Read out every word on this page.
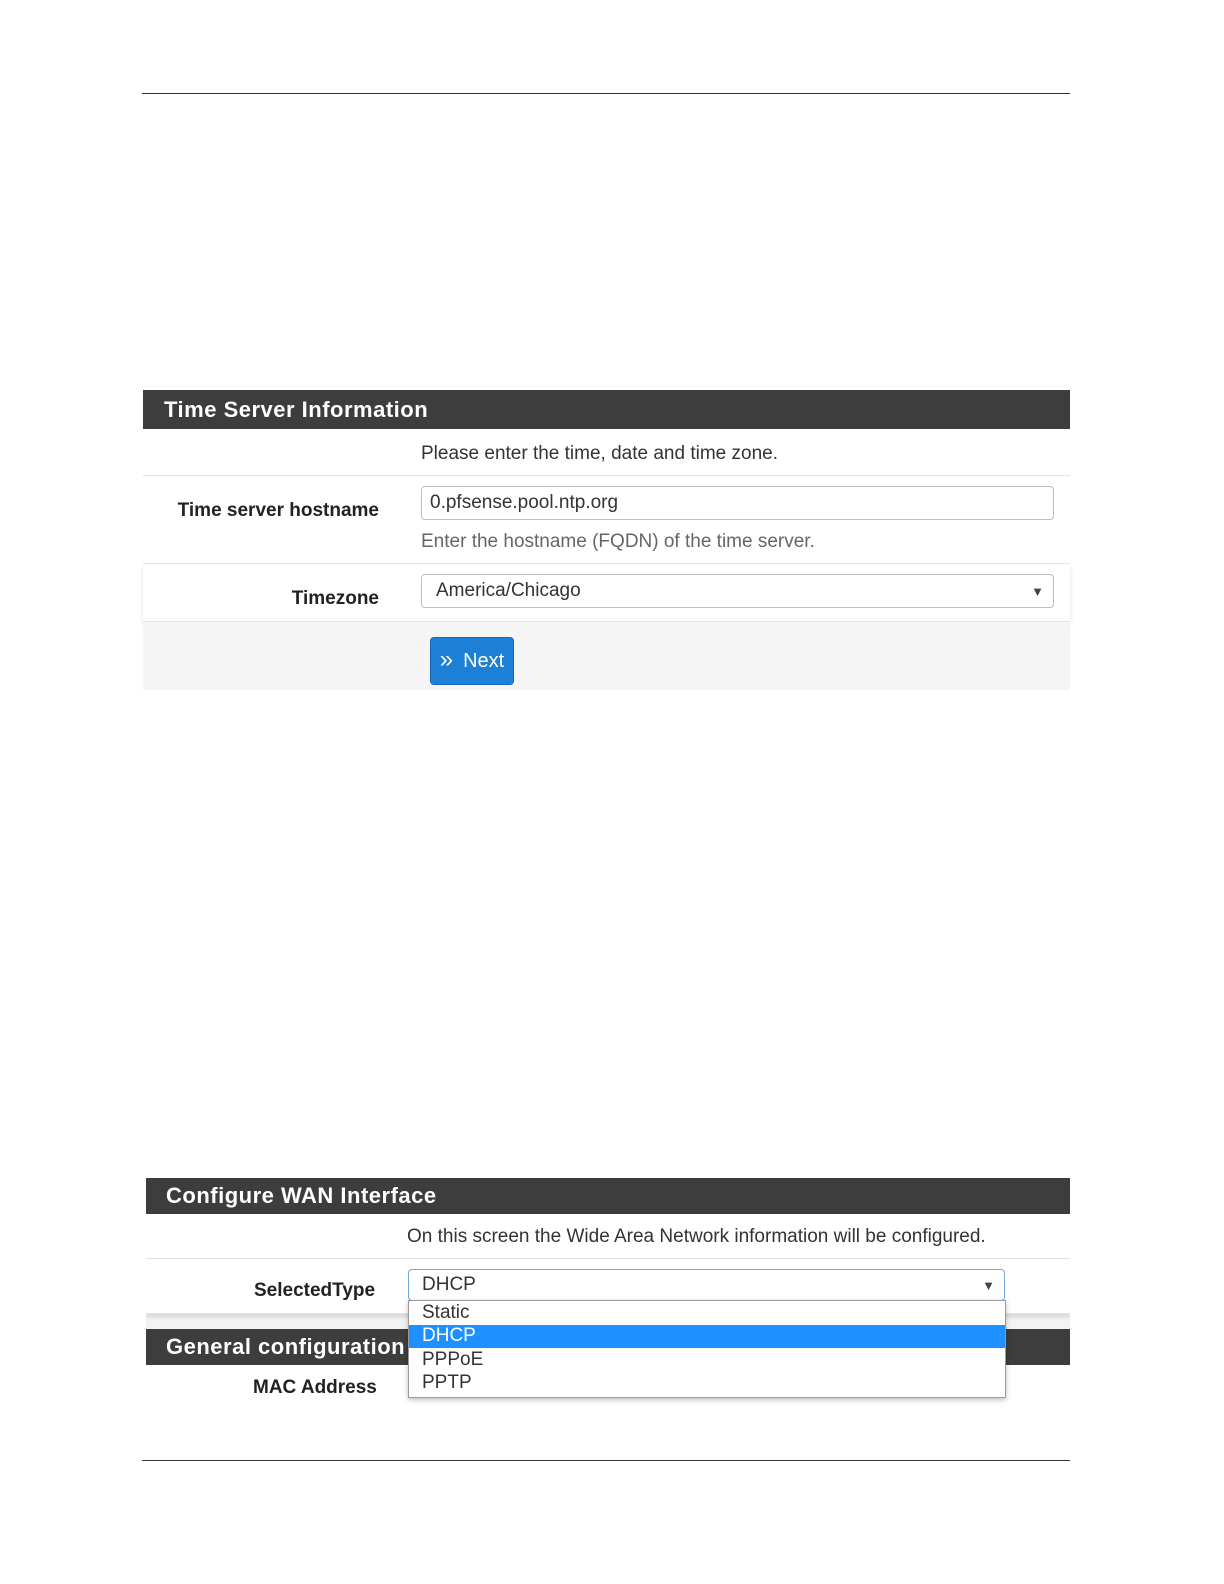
Time Server Information
Please enter the time, date and time zone.
Time server hostname	0.pfsense.pool.ntp.org
Enter the hostname (FQDN) of the time server.
Timezone	America/Chicago	▼
» Next
Configure WAN Interface
On this screen the Wide Area Network information will be configured.
SelectedType DHCP	▼
General configuration
MAC Address
Static
DHCP
PPPoE
PPTP
